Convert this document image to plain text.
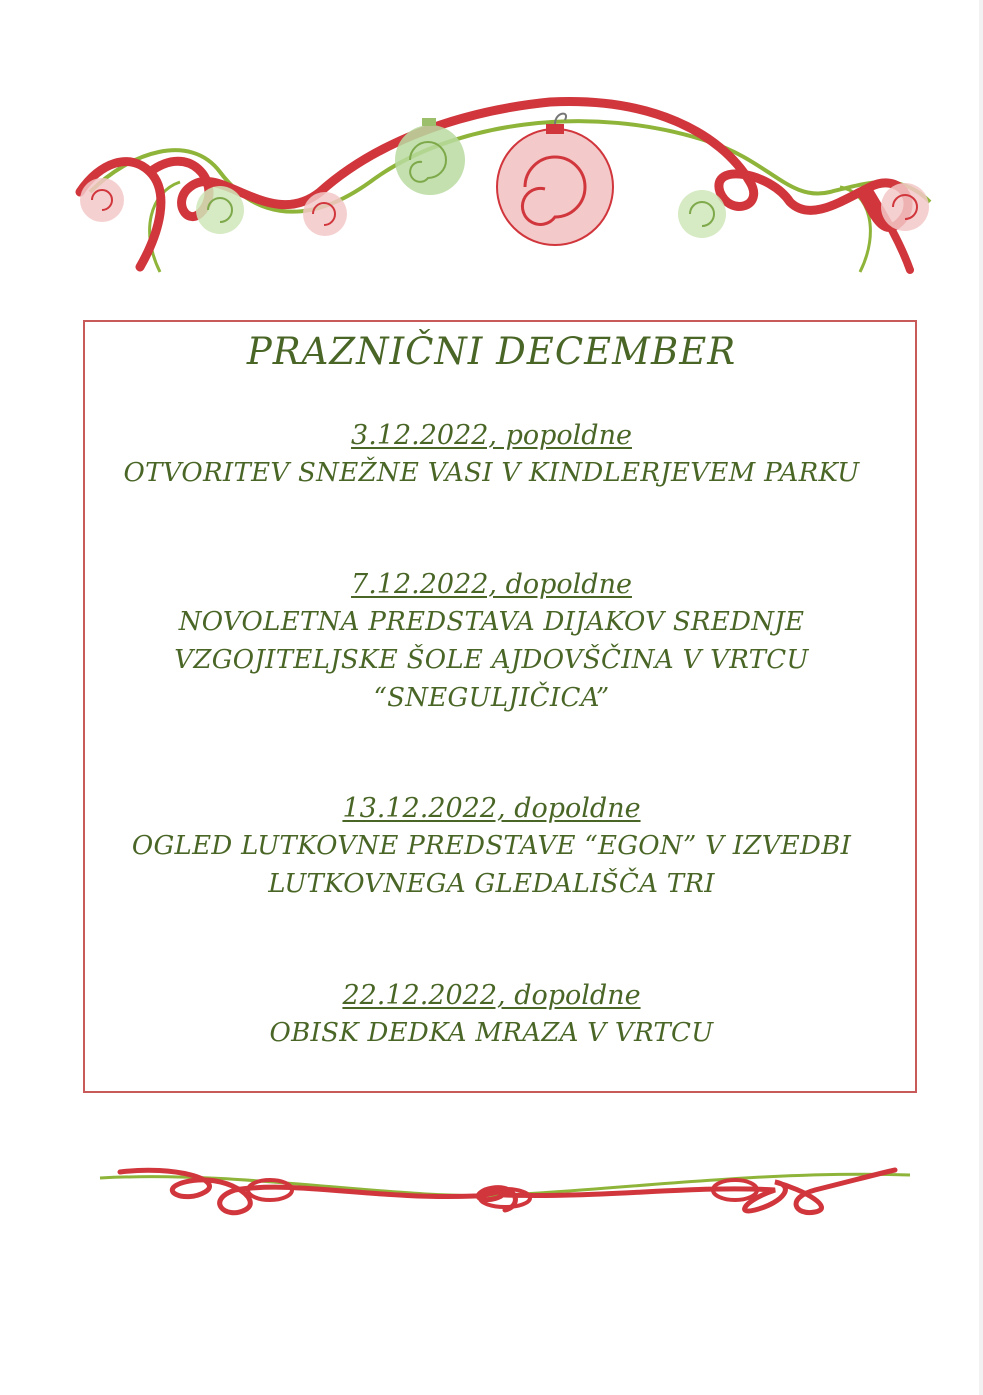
PRAZNIČNI DECEMBER
3.12.2022, popoldne
OTVORITEV SNEŽNE VASI V KINDLERJEVEM PARKU
7.12.2022, dopoldne
NOVOLETNA PREDSTAVA DIJAKOV SREDNJE
VZGOJITELJSKE ŠOLE AJDOVŠČINA V VRTCU
“SNEGULJIČICA”
13.12.2022, dopoldne
OGLED LUTKOVNE PREDSTAVE “EGON” V IZVEDBI
LUTKOVNEGA GLEDALIŠČA TRI
22.12.2022, dopoldne
OBISK DEDKA MRAZA V VRTCU
